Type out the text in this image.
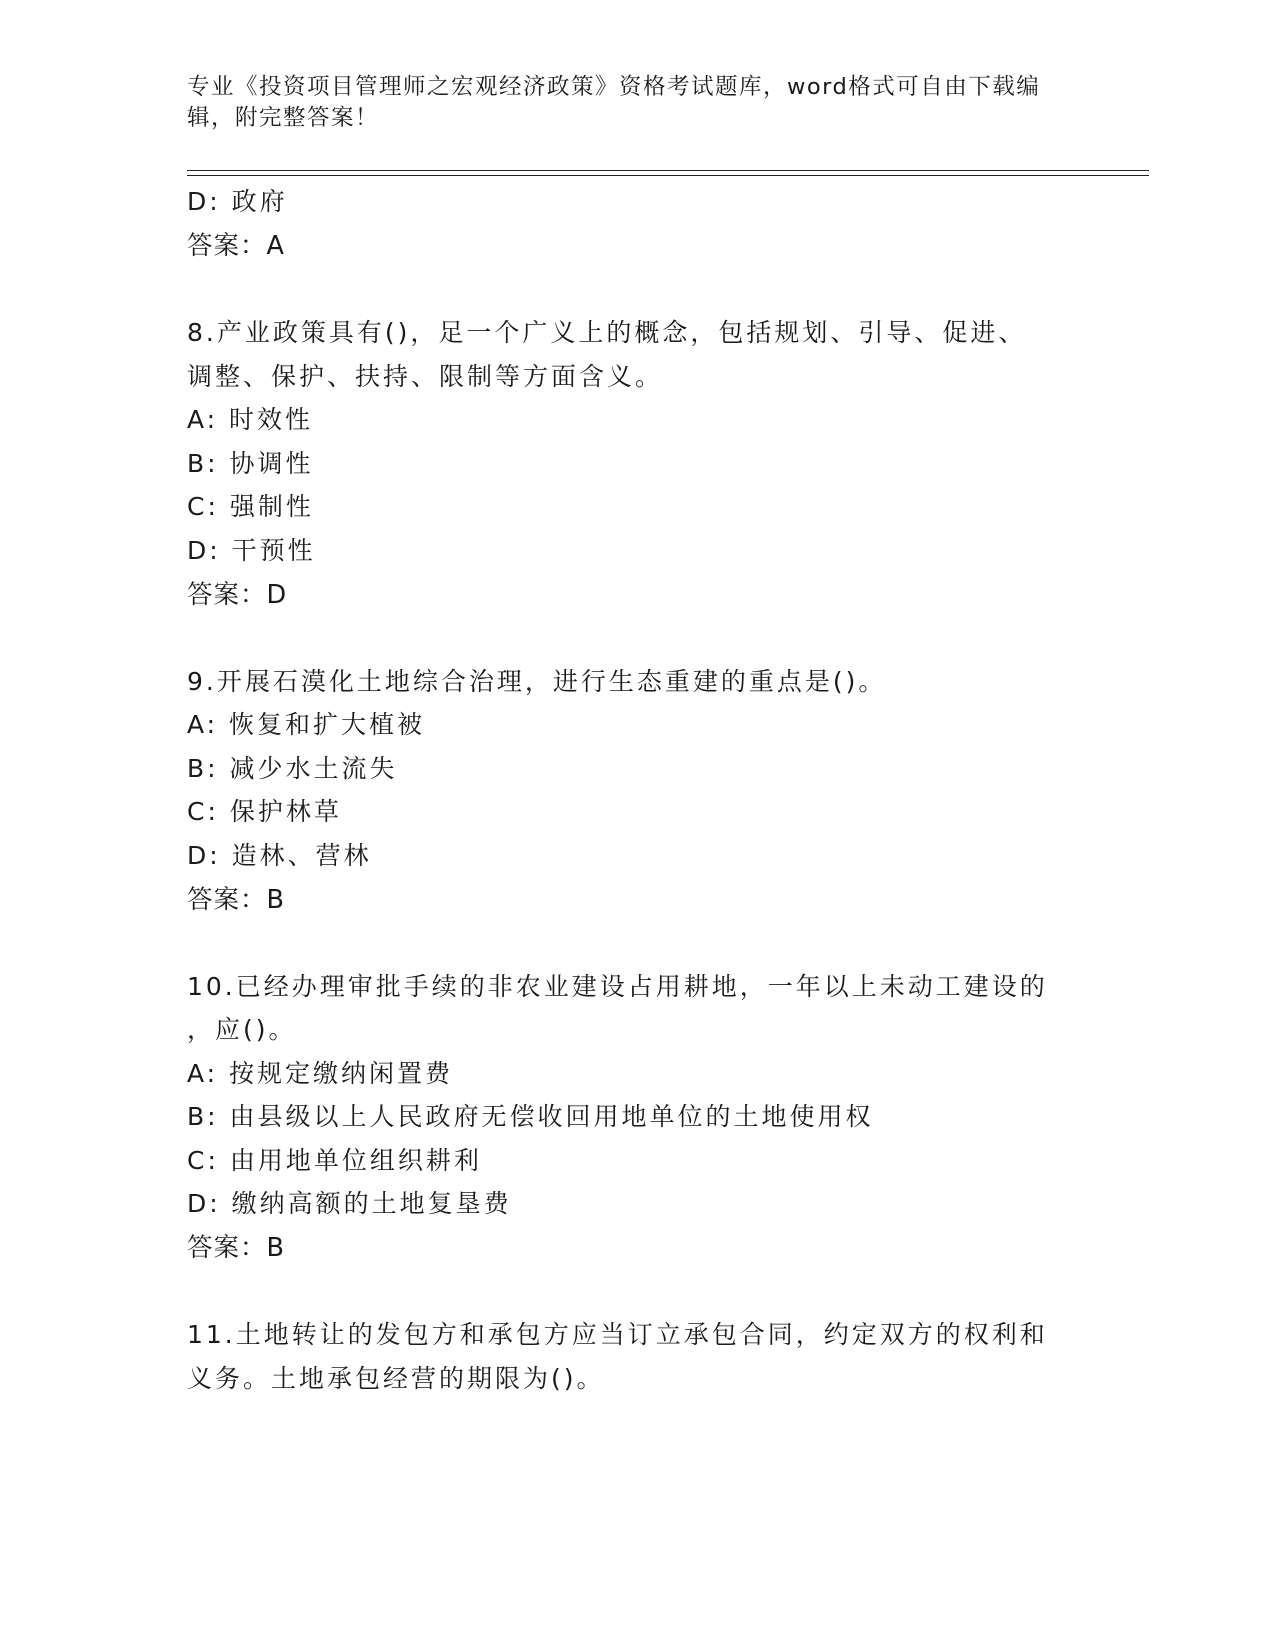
专业《投资项目管理师之宏观经济政策》资格考试题库，word格式可自由下载编
辑，附完整答案！
D: 政府
答案：A
8.产业政策具有()，足一个广义上的概念，包括规划、引导、促进、
调整、保护、扶持、限制等方面含义。
A: 时效性
B: 协调性
C: 强制性
D: 干预性
答案：D
9.开展石漠化土地综合治理，进行生态重建的重点是()。
A: 恢复和扩大植被
B: 减少水土流失
C: 保护林草
D: 造林、营林
答案：B
10.已经办理审批手续的非农业建设占用耕地，一年以上未动工建设的
，应()。
A: 按规定缴纳闲置费
B: 由县级以上人民政府无偿收回用地单位的土地使用权
C: 由用地单位组织耕利
D: 缴纳高额的土地复垦费
答案：B
11.土地转让的发包方和承包方应当订立承包合同，约定双方的权利和
义务。土地承包经营的期限为()。
